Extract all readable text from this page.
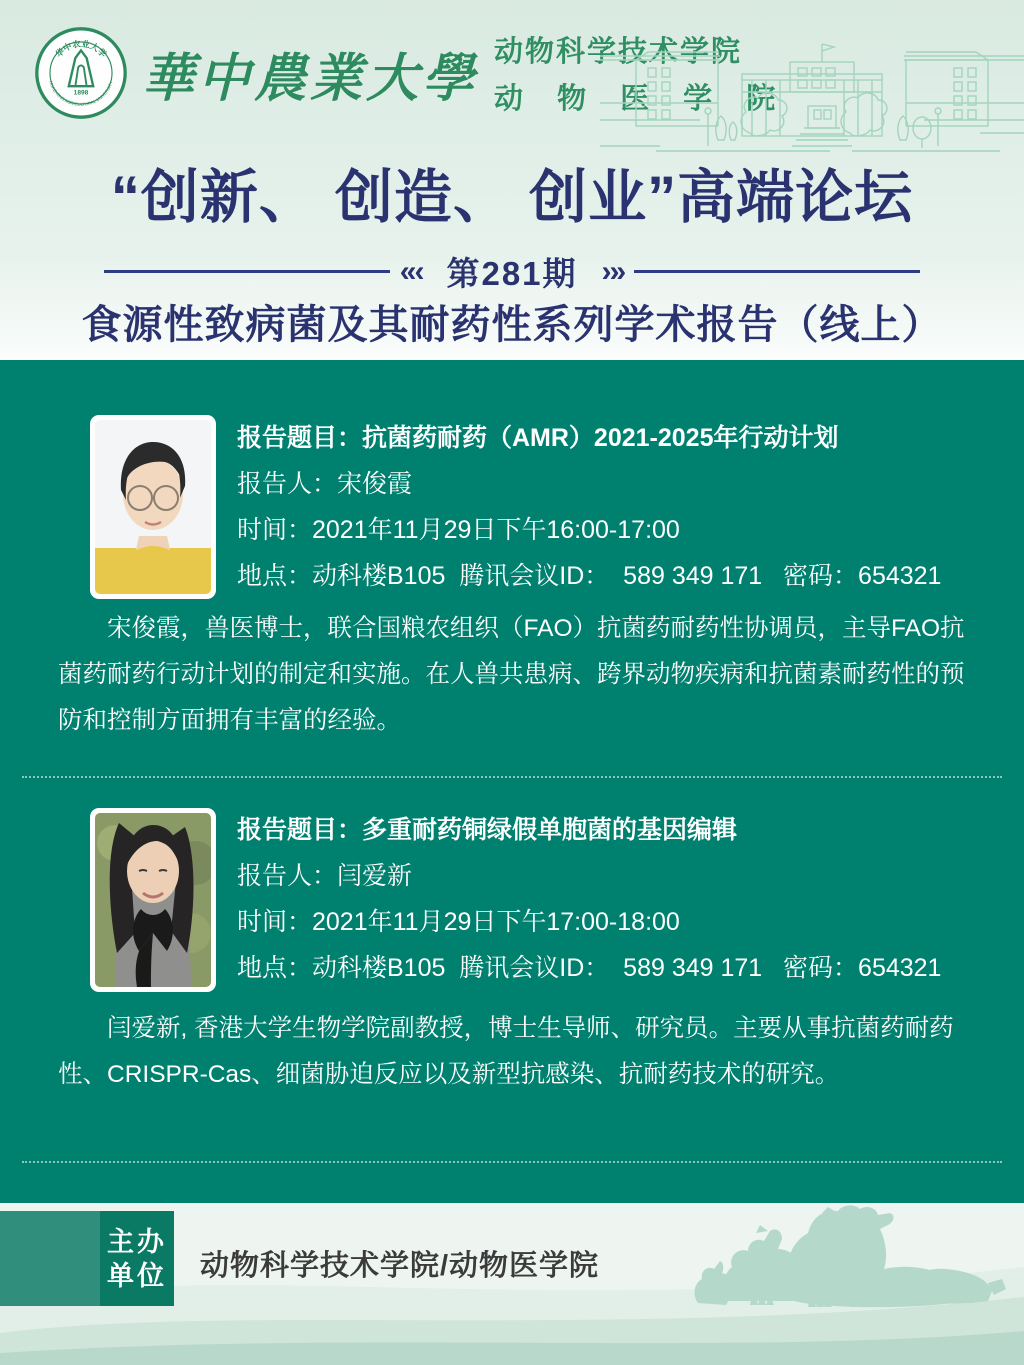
华中农业大学
HUAZHONG AGRICULTURAL UNIVERSITY
1898 華中農業大學 动物科学技术学院
动 物 医 学 院
“创新、 创造、 创业”高端论坛
«‹ 第281期 ›»
食源性致病菌及其耐药性系列学术报告（线上）
报告题目：抗菌药耐药（AMR）2021-2025年行动计划
报告人：宋俊霞
时间：2021年11月29日下午16:00-17:00
地点：动科楼B105  腾讯会议ID：  589 349 171   密码：654321
宋俊霞，兽医博士，联合国粮农组织（FAO）抗菌药耐药性协调员，主导FAO抗菌药耐药行动计划的制定和实施。在人兽共患病、跨界动物疾病和抗菌素耐药性的预防和控制方面拥有丰富的经验。
报告题目：多重耐药铜绿假单胞菌的基因编辑
报告人：闫爱新
时间：2021年11月29日下午17:00-18:00
地点：动科楼B105  腾讯会议ID：  589 349 171   密码：654321
闫爱新, 香港大学生物学院副教授，博士生导师、研究员。主要从事抗菌药耐药性、CRISPR-Cas、细菌胁迫反应以及新型抗感染、抗耐药技术的研究。
主办
单位 动物科学技术学院/动物医学院
